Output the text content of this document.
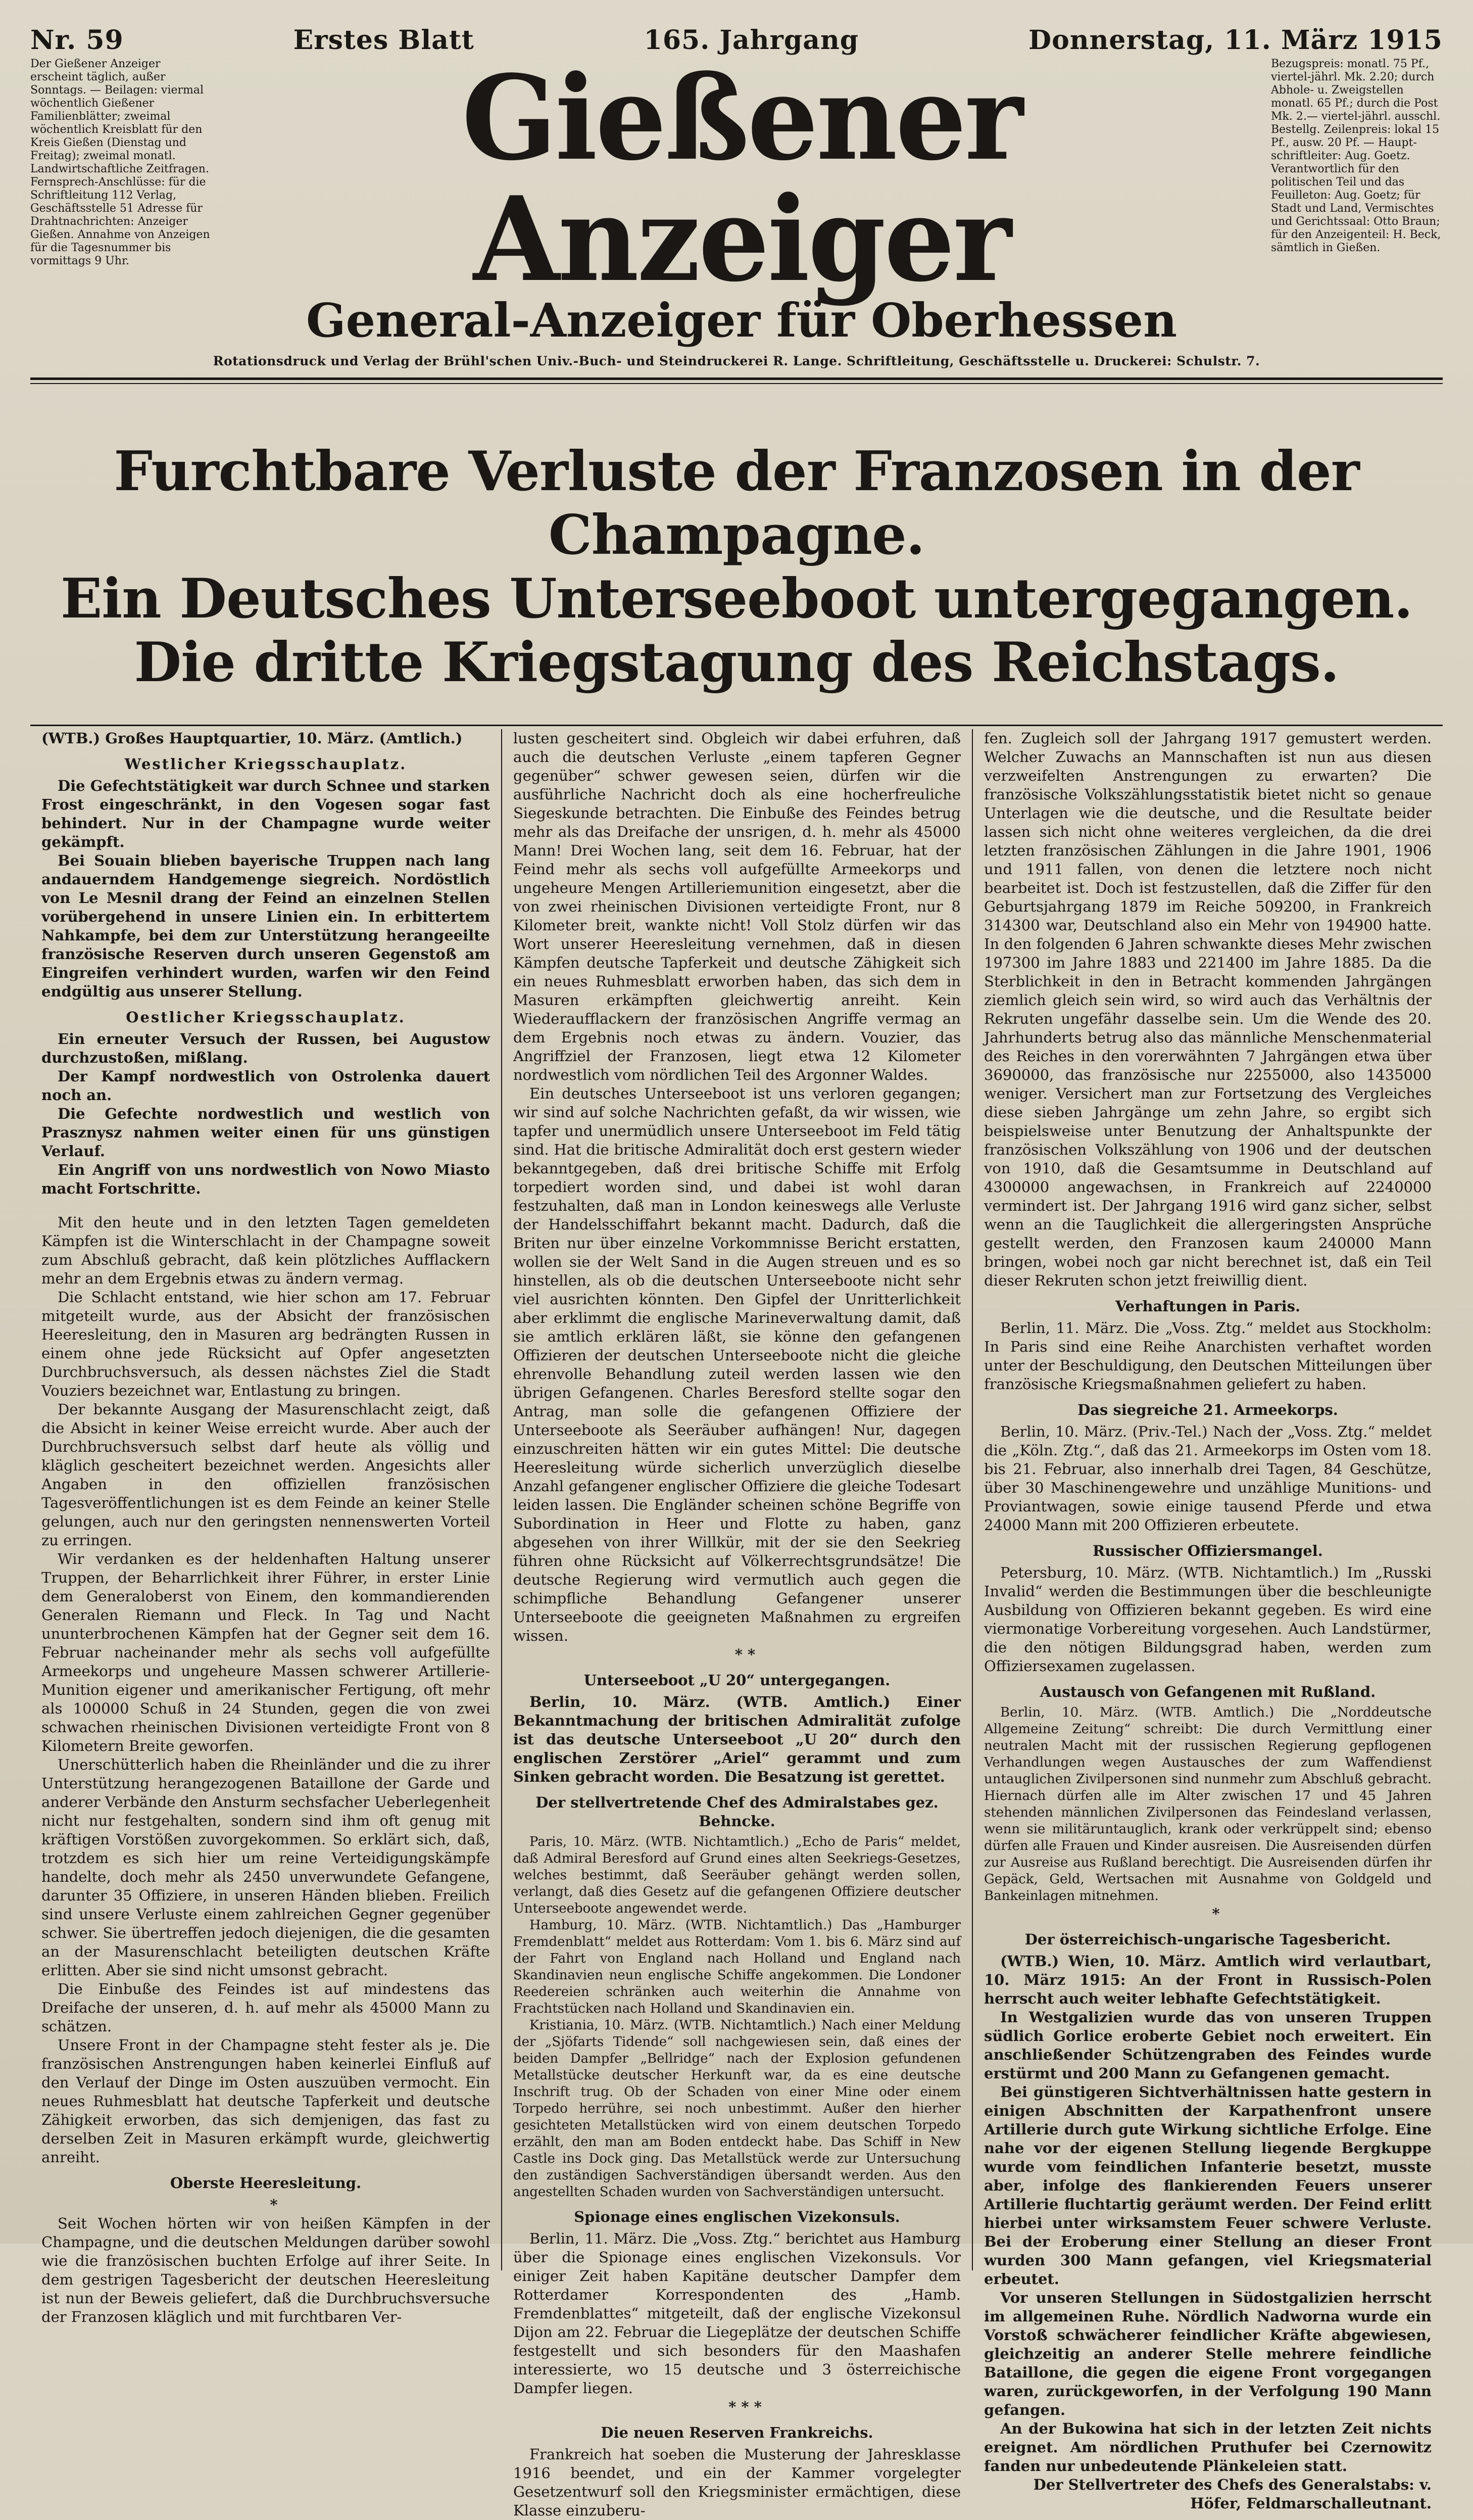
Nr. 59	Erstes Blatt	165. Jahrgang	Donnerstag, 11. März 1915
Der Gießener Anzeiger erscheint täglich, außer Sonntags. — Beilagen: viermal wöchentlich Gießener Familienblätter; zweimal wöchentlich Kreisblatt für den Kreis Gießen (Dienstag und Freitag); zweimal monatl. Landwirtschaftliche Zeitfragen. Fernsprech-Anschlüsse: für die Schriftleitung 112 Verlag, Geschäftsstelle 51 Adresse für Drahtnachrichten: Anzeiger Gießen. Annahme von Anzeigen für die Tagesnummer bis vormittags 9 Uhr.
Gießener Anzeiger
General-Anzeiger für Oberhessen
Bezugspreis: monatl. 75 Pf., viertel-jährl. Mk. 2.20; durch Abhole- u. Zweigstellen monatl. 65 Pf.; durch die Post Mk. 2.— viertel-jährl. ausschl. Bestellg. Zeilenpreis: lokal 15 Pf., ausw. 20 Pf. — Haupt-schriftleiter: Aug. Goetz. Verantwortlich für den politischen Teil und das Feuilleton: Aug. Goetz; für Stadt und Land, Vermischtes und Gerichtssaal: Otto Braun; für den Anzeigenteil: H. Beck, sämtlich in Gießen.
Rotationsdruck und Verlag der Brühl'schen Univ.-Buch- und Steindruckerei R. Lange. Schriftleitung, Geschäftsstelle u. Druckerei: Schulstr. 7.
Furchtbare Verluste der Franzosen in der Champagne.
Ein Deutsches Unterseeboot untergegangen.
Die dritte Kriegstagung des Reichstags.

(WTB.) Großes Hauptquartier, 10. März. (Amtlich.)

Westlicher Kriegsschauplatz.

Die Gefechtstätigkeit war durch Schnee und starken Frost eingeschränkt, in den Vogesen sogar fast behindert. Nur in der Champagne wurde weiter gekämpft.

Bei Souain blieben bayerische Truppen nach lang andauerndem Handgemenge siegreich. Nordöstlich von Le Mesnil drang der Feind an einzelnen Stellen vorübergehend in unsere Linien ein. In erbittertem Nahkampfe, bei dem zur Unterstützung herangeeilte französische Reserven durch unseren Gegenstoß am Eingreifen verhindert wurden, warfen wir den Feind endgültig aus unserer Stellung.

Oestlicher Kriegsschauplatz.

Ein erneuter Versuch der Russen, bei Augustow durchzustoßen, mißlang.

Der Kampf nordwestlich von Ostrolenka dauert noch an.

Die Gefechte nordwestlich und westlich von Prasznysz nahmen weiter einen für uns günstigen Verlauf.

Ein Angriff von uns nordwestlich von Nowo Miasto macht Fortschritte.

Mit den heute und in den letzten Tagen gemeldeten Kämpfen ist die Winterschlacht in der Champagne soweit zum Abschluß gebracht, daß kein plötzliches Aufflackern mehr an dem Ergebnis etwas zu ändern vermag.

Die Schlacht entstand, wie hier schon am 17. Februar mitgeteilt wurde, aus der Absicht der französischen Heeresleitung, den in Masuren arg bedrängten Russen in einem ohne jede Rücksicht auf Opfer angesetzten Durchbruchsversuch, als dessen nächstes Ziel die Stadt Vouziers bezeichnet war, Entlastung zu bringen.

Der bekannte Ausgang der Masurenschlacht zeigt, daß die Absicht in keiner Weise erreicht wurde. Aber auch der Durchbruchsversuch selbst darf heute als völlig und kläglich gescheitert bezeichnet werden. Angesichts aller Angaben in den offiziellen französischen Tagesveröffentlichungen ist es dem Feinde an keiner Stelle gelungen, auch nur den geringsten nennenswerten Vorteil zu erringen.

Wir verdanken es der heldenhaften Haltung unserer Truppen, der Beharrlichkeit ihrer Führer, in erster Linie dem Generaloberst von Einem, den kommandierenden Generalen Riemann und Fleck. In Tag und Nacht ununterbrochenen Kämpfen hat der Gegner seit dem 16. Februar nacheinander mehr als sechs voll aufgefüllte Armeekorps und ungeheure Massen schwerer Artillerie-Munition eigener und amerikanischer Fertigung, oft mehr als 100000 Schuß in 24 Stunden, gegen die von zwei schwachen rheinischen Divisionen verteidigte Front von 8 Kilometern Breite geworfen.

Unerschütterlich haben die Rheinländer und die zu ihrer Unterstützung herangezogenen Bataillone der Garde und anderer Verbände den Ansturm sechsfacher Ueberlegenheit nicht nur festgehalten, sondern sind ihm oft genug mit kräftigen Vorstößen zuvorgekommen. So erklärt sich, daß, trotzdem es sich hier um reine Verteidigungskämpfe handelte, doch mehr als 2450 unverwundete Gefangene, darunter 35 Offiziere, in unseren Händen blieben. Freilich sind unsere Verluste einem zahlreichen Gegner gegenüber schwer. Sie übertreffen jedoch diejenigen, die die gesamten an der Masurenschlacht beteiligten deutschen Kräfte erlitten. Aber sie sind nicht umsonst gebracht.

Die Einbuße des Feindes ist auf mindestens das Dreifache der unseren, d. h. auf mehr als 45000 Mann zu schätzen.

Unsere Front in der Champagne steht fester als je. Die französischen Anstrengungen haben keinerlei Einfluß auf den Verlauf der Dinge im Osten auszuüben vermocht. Ein neues Ruhmesblatt hat deutsche Tapferkeit und deutsche Zähigkeit erworben, das sich demjenigen, das fast zu derselben Zeit in Masuren erkämpft wurde, gleichwertig anreiht.

Oberste Heeresleitung.

*

Seit Wochen hörten wir von heißen Kämpfen in der Champagne, und die deutschen Meldungen darüber sowohl wie die französischen buchten Erfolge auf ihrer Seite. In dem gestrigen Tagesbericht der deutschen Heeresleitung ist nun der Beweis geliefert, daß die Durchbruchsversuche der Franzosen kläglich und mit furchtbaren Ver-

lusten gescheitert sind. Obgleich wir dabei erfuhren, daß auch die deutschen Verluste „einem tapferen Gegner gegenüber“ schwer gewesen seien, dürfen wir die ausführliche Nachricht doch als eine hocherfreuliche Siegeskunde betrachten. Die Einbuße des Feindes betrug mehr als das Dreifache der unsrigen, d. h. mehr als 45000 Mann! Drei Wochen lang, seit dem 16. Februar, hat der Feind mehr als sechs voll aufgefüllte Armeekorps und ungeheure Mengen Artilleriemunition eingesetzt, aber die von zwei rheinischen Divisionen verteidigte Front, nur 8 Kilometer breit, wankte nicht! Voll Stolz dürfen wir das Wort unserer Heeresleitung vernehmen, daß in diesen Kämpfen deutsche Tapferkeit und deutsche Zähigkeit sich ein neues Ruhmesblatt erworben haben, das sich dem in Masuren erkämpften gleichwertig anreiht. Kein Wiederaufflackern der französischen Angriffe vermag an dem Ergebnis noch etwas zu ändern. Vouzier, das Angriffziel der Franzosen, liegt etwa 12 Kilometer nordwestlich vom nördlichen Teil des Argonner Waldes.

Ein deutsches Unterseeboot ist uns verloren gegangen; wir sind auf solche Nachrichten gefaßt, da wir wissen, wie tapfer und unermüdlich unsere Unterseeboot im Feld tätig sind. Hat die britische Admiralität doch erst gestern wieder bekanntgegeben, daß drei britische Schiffe mit Erfolg torpediert worden sind, und dabei ist wohl daran festzuhalten, daß man in London keineswegs alle Verluste der Handelsschiffahrt bekannt macht. Dadurch, daß die Briten nur über einzelne Vorkommnisse Bericht erstatten, wollen sie der Welt Sand in die Augen streuen und es so hinstellen, als ob die deutschen Unterseeboote nicht sehr viel ausrichten könnten. Den Gipfel der Unritterlichkeit aber erklimmt die englische Marineverwaltung damit, daß sie amtlich erklären läßt, sie könne den gefangenen Offizieren der deutschen Unterseeboote nicht die gleiche ehrenvolle Behandlung zuteil werden lassen wie den übrigen Gefangenen. Charles Beresford stellte sogar den Antrag, man solle die gefangenen Offiziere der Unterseeboote als Seeräuber aufhängen! Nur, dagegen einzuschreiten hätten wir ein gutes Mittel: Die deutsche Heeresleitung würde sicherlich unverzüglich dieselbe Anzahl gefangener englischer Offiziere die gleiche Todesart leiden lassen. Die Engländer scheinen schöne Begriffe von Subordination in Heer und Flotte zu haben, ganz abgesehen von ihrer Willkür, mit der sie den Seekrieg führen ohne Rücksicht auf Völkerrechtsgrundsätze! Die deutsche Regierung wird vermutlich auch gegen die schimpfliche Behandlung Gefangener unserer Unterseeboote die geeigneten Maßnahmen zu ergreifen wissen.

* *

Unterseeboot „U 20“ untergegangen.

Berlin, 10. März. (WTB. Amtlich.) Einer Bekanntmachung der britischen Admiralität zufolge ist das deutsche Unterseeboot „U 20“ durch den englischen Zerstörer „Ariel“ gerammt und zum Sinken gebracht worden. Die Besatzung ist gerettet.

Der stellvertretende Chef des Admiralstabes gez. Behncke.

Paris, 10. März. (WTB. Nichtamtlich.) „Echo de Paris“ meldet, daß Admiral Beresford auf Grund eines alten Seekriegs-Gesetzes, welches bestimmt, daß Seeräuber gehängt werden sollen, verlangt, daß dies Gesetz auf die gefangenen Offiziere deutscher Unterseeboote angewendet werde.

Hamburg, 10. März. (WTB. Nichtamtlich.) Das „Hamburger Fremdenblatt“ meldet aus Rotterdam: Vom 1. bis 6. März sind auf der Fahrt von England nach Holland und England nach Skandinavien neun englische Schiffe angekommen. Die Londoner Reedereien schränken auch weiterhin die Annahme von Frachtstücken nach Holland und Skandinavien ein.

Kristiania, 10. März. (WTB. Nichtamtlich.) Nach einer Meldung der „Sjöfarts Tidende“ soll nachgewiesen sein, daß eines der beiden Dampfer „Bellridge“ nach der Explosion gefundenen Metallstücke deutscher Herkunft war, da es eine deutsche Inschrift trug. Ob der Schaden von einer Mine oder einem Torpedo herrühre, sei noch unbestimmt. Außer den hierher gesichteten Metallstücken wird von einem deutschen Torpedo erzählt, den man am Boden entdeckt habe. Das Schiff in New Castle ins Dock ging. Das Metallstück werde zur Untersuchung den zuständigen Sachverständigen übersandt werden. Aus den angestellten Schaden wurden von Sachverständigen untersucht.

Spionage eines englischen Vizekonsuls.

Berlin, 11. März. Die „Voss. Ztg.“ berichtet aus Hamburg über die Spionage eines englischen Vizekonsuls. Vor einiger Zeit haben Kapitäne deutscher Dampfer dem Rotterdamer Korrespondenten des „Hamb. Fremdenblattes“ mitgeteilt, daß der englische Vizekonsul Dijon am 22. Februar die Liegeplätze der deutschen Schiffe festgestellt und sich besonders für den Maashafen interessierte, wo 15 deutsche und 3 österreichische Dampfer liegen.

* * *

Die neuen Reserven Frankreichs.

Frankreich hat soeben die Musterung der Jahresklasse 1916 beendet, und ein der Kammer vorgelegter Gesetzentwurf soll den Kriegsminister ermächtigen, diese Klasse einzuberu-

fen. Zugleich soll der Jahrgang 1917 gemustert werden. Welcher Zuwachs an Mannschaften ist nun aus diesen verzweifelten Anstrengungen zu erwarten? Die französische Volkszählungsstatistik bietet nicht so genaue Unterlagen wie die deutsche, und die Resultate beider lassen sich nicht ohne weiteres vergleichen, da die drei letzten französischen Zählungen in die Jahre 1901, 1906 und 1911 fallen, von denen die letztere noch nicht bearbeitet ist. Doch ist festzustellen, daß die Ziffer für den Geburtsjahrgang 1879 im Reiche 509200, in Frankreich 314300 war, Deutschland also ein Mehr von 194900 hatte. In den folgenden 6 Jahren schwankte dieses Mehr zwischen 197300 im Jahre 1883 und 221400 im Jahre 1885. Da die Sterblichkeit in den in Betracht kommenden Jahrgängen ziemlich gleich sein wird, so wird auch das Verhältnis der Rekruten ungefähr dasselbe sein. Um die Wende des 20. Jahrhunderts betrug also das männliche Menschenmaterial des Reiches in den vorerwähnten 7 Jahrgängen etwa über 3690000, das französische nur 2255000, also 1435000 weniger. Versichert man zur Fortsetzung des Vergleiches diese sieben Jahrgänge um zehn Jahre, so ergibt sich beispielsweise unter Benutzung der Anhaltspunkte der französischen Volkszählung von 1906 und der deutschen von 1910, daß die Gesamtsumme in Deutschland auf 4300000 angewachsen, in Frankreich auf 2240000 vermindert ist. Der Jahrgang 1916 wird ganz sicher, selbst wenn an die Tauglichkeit die allergeringsten Ansprüche gestellt werden, den Franzosen kaum 240000 Mann bringen, wobei noch gar nicht berechnet ist, daß ein Teil dieser Rekruten schon jetzt freiwillig dient.

Verhaftungen in Paris.

Berlin, 11. März. Die „Voss. Ztg.“ meldet aus Stockholm: In Paris sind eine Reihe Anarchisten verhaftet worden unter der Beschuldigung, den Deutschen Mitteilungen über französische Kriegsmaßnahmen geliefert zu haben.

Das siegreiche 21. Armeekorps.

Berlin, 10. März. (Priv.-Tel.) Nach der „Voss. Ztg.“ meldet die „Köln. Ztg.“, daß das 21. Armeekorps im Osten vom 18. bis 21. Februar, also innerhalb drei Tagen, 84 Geschütze, über 30 Maschinengewehre und unzählige Munitions- und Proviantwagen, sowie einige tausend Pferde und etwa 24000 Mann mit 200 Offizieren erbeutete.

Russischer Offiziersmangel.

Petersburg, 10. März. (WTB. Nichtamtlich.) Im „Russki Invalid“ werden die Bestimmungen über die beschleunigte Ausbildung von Offizieren bekannt gegeben. Es wird eine viermonatige Vorbereitung vorgesehen. Auch Landstürmer, die den nötigen Bildungsgrad haben, werden zum Offiziersexamen zugelassen.

Austausch von Gefangenen mit Rußland.

Berlin, 10. März. (WTB. Amtlich.) Die „Norddeutsche Allgemeine Zeitung“ schreibt: Die durch Vermittlung einer neutralen Macht mit der russischen Regierung gepflogenen Verhandlungen wegen Austausches der zum Waffendienst untauglichen Zivilpersonen sind nunmehr zum Abschluß gebracht. Hiernach dürfen alle im Alter zwischen 17 und 45 Jahren stehenden männlichen Zivilpersonen das Feindesland verlassen, wenn sie militäruntauglich, krank oder verkrüppelt sind; ebenso dürfen alle Frauen und Kinder ausreisen. Die Ausreisenden dürfen zur Ausreise aus Rußland berechtigt. Die Ausreisenden dürfen ihr Gepäck, Geld, Wertsachen mit Ausnahme von Goldgeld und Bankeinlagen mitnehmen.

*

Der österreichisch-ungarische Tagesbericht.

(WTB.) Wien, 10. März. Amtlich wird verlautbart, 10. März 1915: An der Front in Russisch-Polen herrscht auch weiter lebhafte Gefechtstätigkeit.

In Westgalizien wurde das von unseren Truppen südlich Gorlice eroberte Gebiet noch erweitert. Ein anschließender Schützengraben des Feindes wurde erstürmt und 200 Mann zu Gefangenen gemacht.

Bei günstigeren Sichtverhältnissen hatte gestern in einigen Abschnitten der Karpathenfront unsere Artillerie durch gute Wirkung sichtliche Erfolge. Eine nahe vor der eigenen Stellung liegende Bergkuppe wurde vom feindlichen Infanterie besetzt, musste aber, infolge des flankierenden Feuers unserer Artillerie fluchtartig geräumt werden. Der Feind erlitt hierbei unter wirksamstem Feuer schwere Verluste. Bei der Eroberung einer Stellung an dieser Front wurden 300 Mann gefangen, viel Kriegsmaterial erbeutet.

Vor unseren Stellungen in Südostgalizien herrscht im allgemeinen Ruhe. Nördlich Nadworna wurde ein Vorstoß schwächerer feindlicher Kräfte abgewiesen, gleichzeitig an anderer Stelle mehrere feindliche Bataillone, die gegen die eigene Front vorgegangen waren, zurückgeworfen, in der Verfolgung 190 Mann gefangen.

An der Bukowina hat sich in der letzten Zeit nichts ereignet. Am nördlichen Pruthufer bei Czernowitz fanden nur unbedeutende Plänkeleien statt.

Der Stellvertreter des Chefs des Generalstabs: v. Höfer, Feldmarschalleutnant.
